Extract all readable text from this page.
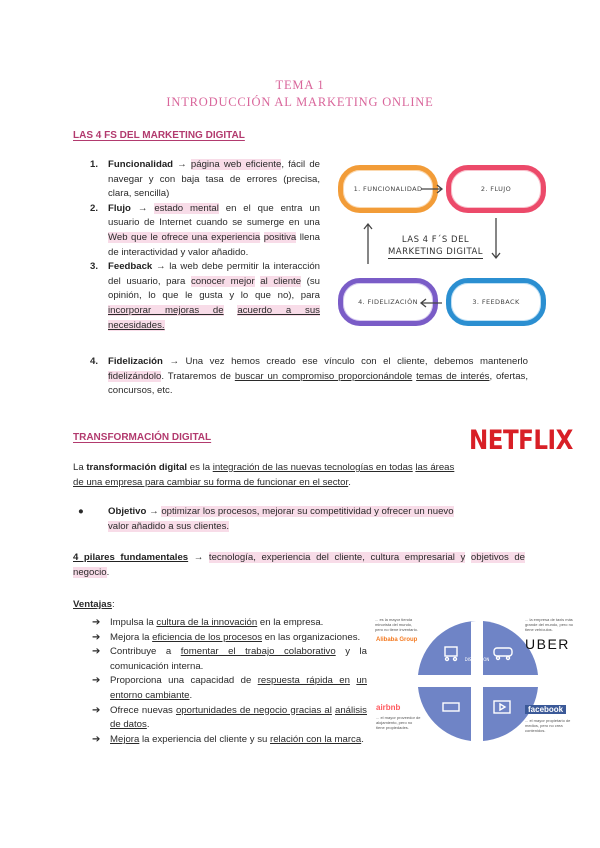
TEMA 1
INTRODUCCIÓN AL MARKETING ONLINE
LAS 4 FS DEL MARKETING DIGITAL
1. Funcionalidad → página web eficiente, fácil de navegar y con baja tasa de errores (precisa, clara, sencilla)
2. Flujo → estado mental en el que entra un usuario de Internet cuando se sumerge en una Web que le ofrece una experiencia positiva llena de interactividad y valor añadido.
3. Feedback → la web debe permitir la interacción del usuario, para conocer mejor al cliente (su opinión, lo que le gusta y lo que no), para incorporar mejoras de acuerdo a sus necesidades.
4. Fidelización → Una vez hemos creado ese vínculo con el cliente, debemos mantenerlo fidelizándolo. Trataremos de buscar un compromiso proporcionándole temas de interés, ofertas, concursos, etc.
1. FUNCIONALIDAD	2. FLUJO
4. FIDELIZACIÓN	3. FEEDBACK
LAS 4 F´S DEL
MARKETING DIGITAL
TRANSFORMACIÓN DIGITAL	NETFLIX
La transformación digital es la integración de las nuevas tecnologías en todas las áreas de una empresa para cambiar su forma de funcionar en el sector.
●	Objetivo → optimizar los procesos, mejorar su competitividad y ofrecer un nuevo
valor añadido a sus clientes.
4 pilares fundamentales → tecnología, experiencia del cliente, cultura empresarial y objetivos de negocio.
Ventajas:
➔ Impulsa la cultura de la innovación en la empresa.
➔ Mejora la eficiencia de los procesos en las organizaciones.
➔ Contribuye a fomentar el trabajo colaborativo y la comunicación interna.
➔ Proporciona una capacidad de respuesta rápida en un entorno cambiante.
➔ Ofrece nuevas oportunidades de negocio gracias al análisis de datos.
➔ Mejora la experiencia del cliente y su relación con la marca.
DISRUPTION
DISRUPTION
... es la mayor tienda minorista del mundo, pero no tiene inventario.
Alibaba Group
... la empresa de taxis más grande del mundo, pero no tiene vehículos.
UBER
airbnb
... el mayor proveedor de alojamiento, pero no tiene propiedades.
facebook
... el mayor propietario de medios, pero no crea contenidos.
